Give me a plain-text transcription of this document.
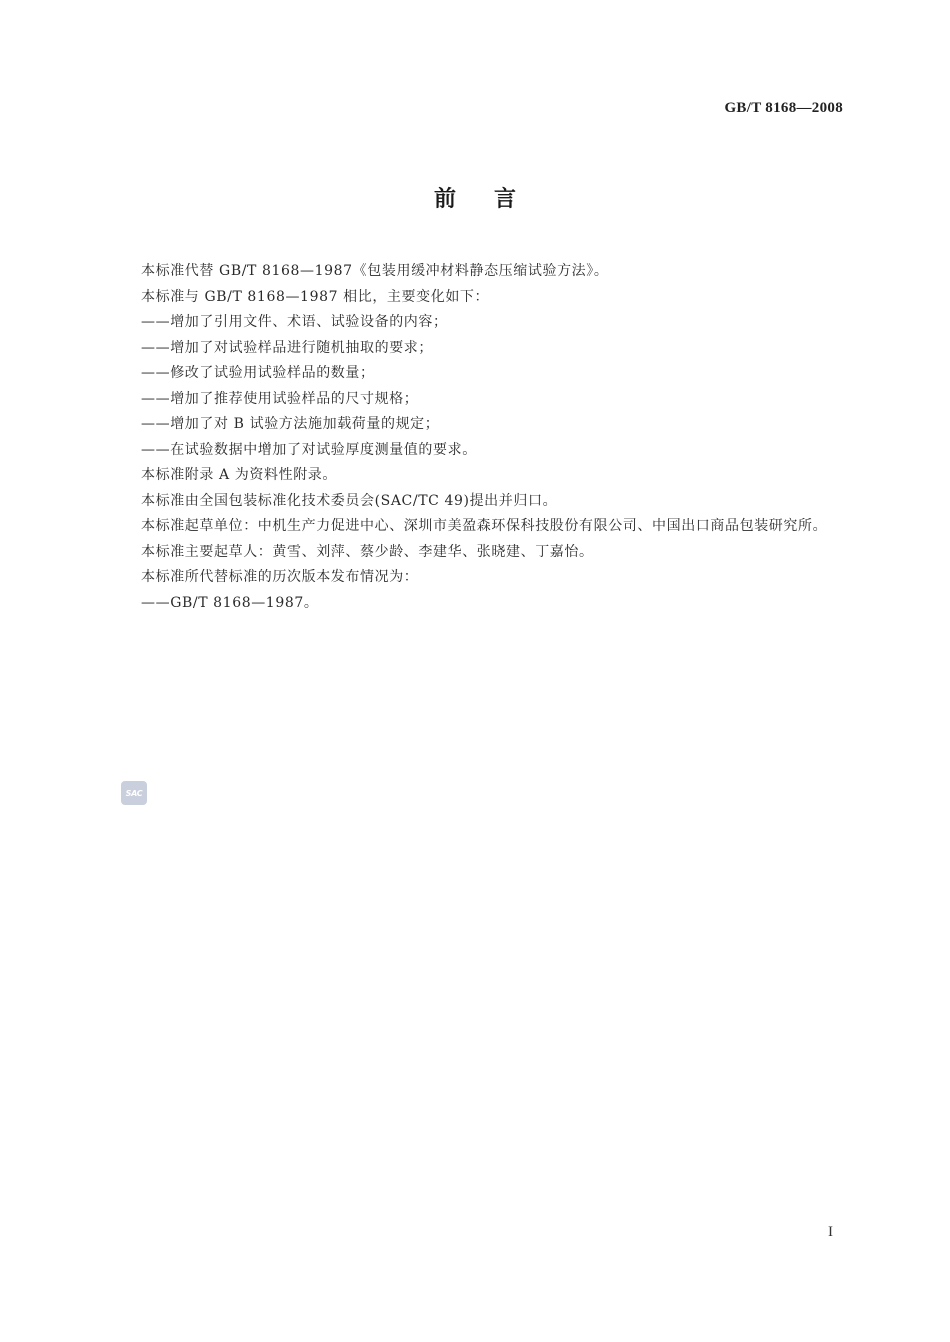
GB/T 8168—2008
前言

本标准代替 GB/T 8168—1987《包装用缓冲材料静态压缩试验方法》。

本标准与 GB/T 8168—1987 相比，主要变化如下：

——增加了引用文件、术语、试验设备的内容；

——增加了对试验样品进行随机抽取的要求；

——修改了试验用试验样品的数量；

——增加了推荐使用试验样品的尺寸规格；

——增加了对 B 试验方法施加载荷量的规定；

——在试验数据中增加了对试验厚度测量值的要求。

本标准附录 A 为资料性附录。

本标准由全国包装标准化技术委员会(SAC/TC 49)提出并归口。

本标准起草单位：中机生产力促进中心、深圳市美盈森环保科技股份有限公司、中国出口商品包装研究所。

本标准主要起草人：黄雪、刘萍、蔡少龄、李建华、张晓建、丁嘉怡。

本标准所代替标准的历次版本发布情况为：

——GB/T 8168—1987。

SAC
I
